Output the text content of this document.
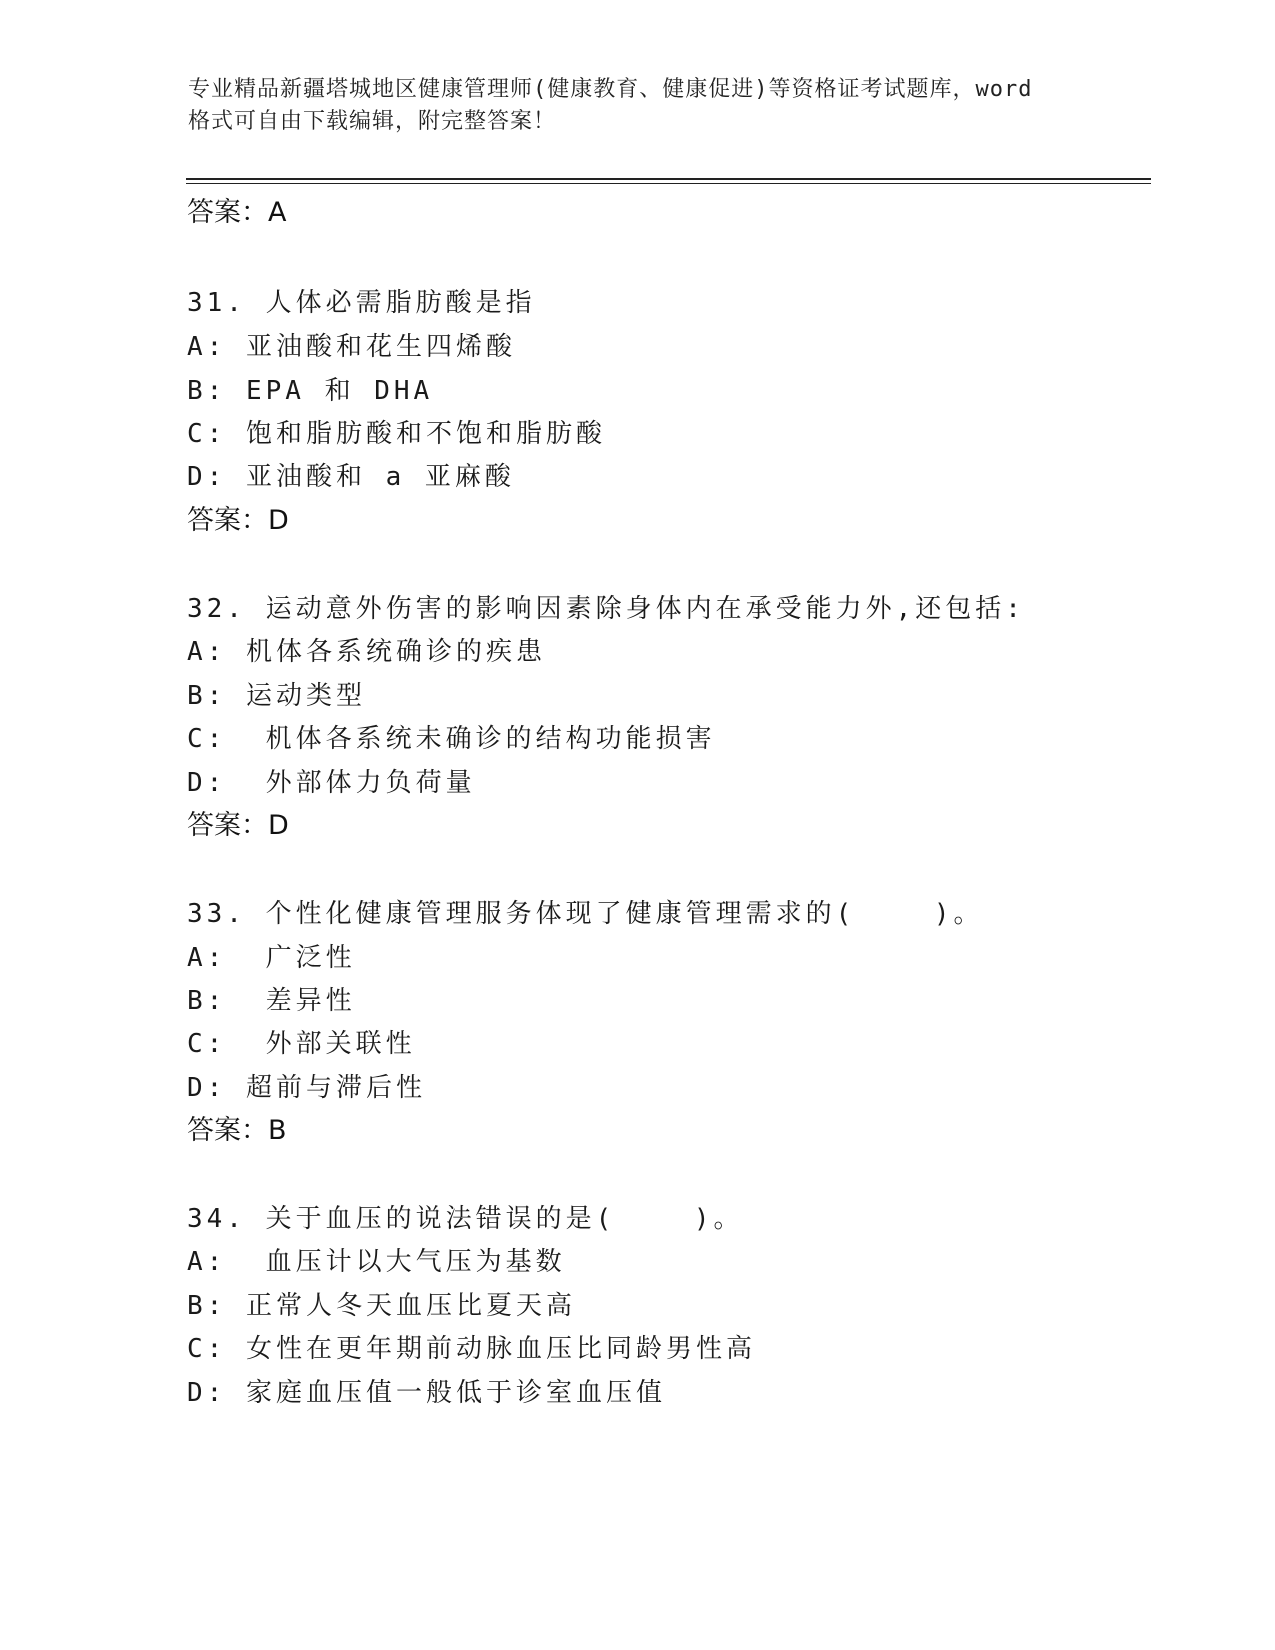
专业精品新疆塔城地区健康管理师(健康教育、健康促进)等资格证考试题库，word
格式可自由下载编辑，附完整答案！
答案：A
31. 人体必需脂肪酸是指
A: 亚油酸和花生四烯酸
B: EPA 和 DHA
C: 饱和脂肪酸和不饱和脂肪酸
D: 亚油酸和 a 亚麻酸
答案：D
32. 运动意外伤害的影响因素除身体内在承受能力外,还包括:
A: 机体各系统确诊的疾患
B: 运动类型
C:  机体各系统未确诊的结构功能损害
D:  外部体力负荷量
答案：D
33. 个性化健康管理服务体现了健康管理需求的(    )。
A:  广泛性
B:  差异性
C:  外部关联性
D: 超前与滞后性
答案：B
34. 关于血压的说法错误的是(    )。
A:  血压计以大气压为基数
B: 正常人冬天血压比夏天高
C: 女性在更年期前动脉血压比同龄男性高
D: 家庭血压值一般低于诊室血压值
